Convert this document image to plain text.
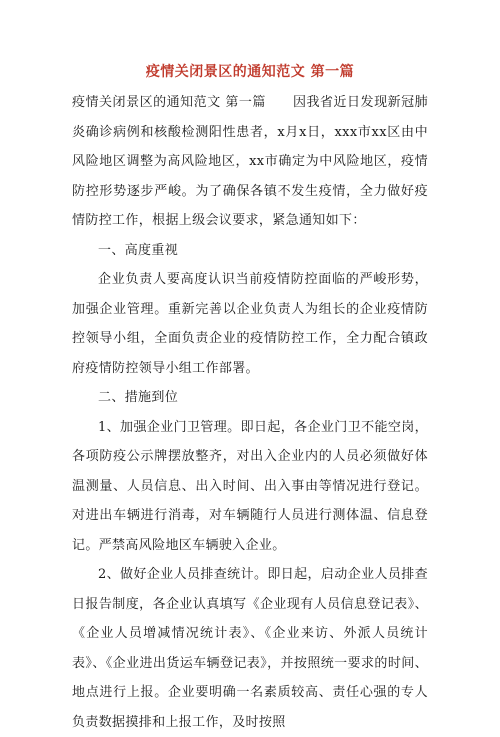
疫情关闭景区的通知范文 第一篇

疫情关闭景区的通知范文 第一篇　　因我省近日发现新冠肺炎确诊病例和核酸检测阳性患者，x月x日，xxx市xx区由中风险地区调整为高风险地区，xx市确定为中风险地区，疫情防控形势逐步严峻。为了确保各镇不发生疫情，全力做好疫情防控工作，根据上级会议要求，紧急通知如下：

一、高度重视

企业负责人要高度认识当前疫情防控面临的严峻形势，加强企业管理。重新完善以企业负责人为组长的企业疫情防控领导小组，全面负责企业的疫情防控工作，全力配合镇政府疫情防控领导小组工作部署。

二、措施到位

1、加强企业门卫管理。即日起，各企业门卫不能空岗，各项防疫公示牌摆放整齐，对出入企业内的人员必须做好体温测量、人员信息、出入时间、出入事由等情况进行登记。对进出车辆进行消毒，对车辆随行人员进行测体温、信息登记。严禁高风险地区车辆驶入企业。

2、做好企业人员排查统计。即日起，启动企业人员排查日报告制度，各企业认真填写《企业现有人员信息登记表》、《企业人员增减情况统计表》、《企业来访、外派人员统计表》、《企业进出货运车辆登记表》，并按照统一要求的时间、地点进行上报。企业要明确一名素质较高、责任心强的专人负责数据摸排和上报工作，及时按照
